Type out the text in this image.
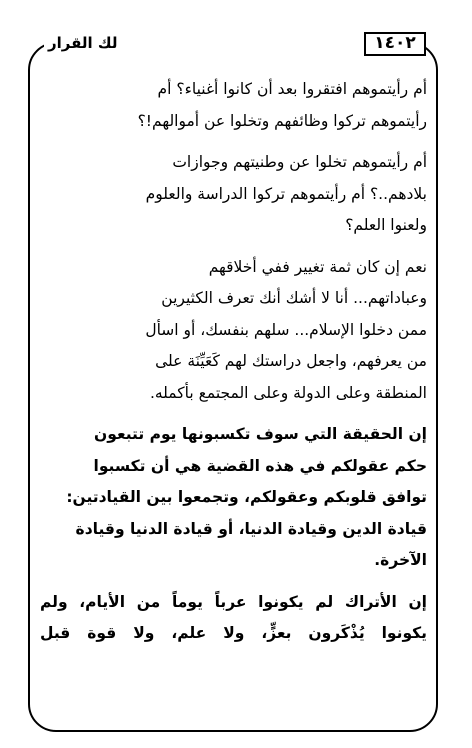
١٤٠٢
لك القرار

أم رأيتموهم افتقروا بعد أن كانوا أغنياء؟ أم
رأيتموهم تركوا وظائفهم وتخلوا عن أموالهم!؟

أم رأيتموهم تخلوا عن وطنيتهم وجوازات
بلادهم..؟ أم رأيتموهم تركوا الدراسة والعلوم
ولعنوا العلم؟

نعم إن كان ثمة تغيير ففي أخلاقهم
وعباداتهم... أنا لا أشك أنك تعرف الكثيرين
ممن دخلوا الإسلام... سلهم بنفسك، أو اسأل
من يعرفهم، واجعل دراستك لهم كَعَيِّنَة على
المنطقة وعلى الدولة وعلى المجتمع بأكمله.

إن الحقيقة التي سوف تكسبونها يوم تتبعون
حكم عقولكم في هذه القضية هي أن تكسبوا
توافق قلوبكم وعقولكم، وتجمعوا بين القيادتين:
قيادة الدين وقيادة الدنيا، أو قيادة الدنيا وقيادة
الآخرة.

إن الأتراك لم يكونوا عرباً يوماً من الأيام، ولم
يكونوا يُذْكَرون بعزٍّ، ولا علم، ولا قوة قبل
